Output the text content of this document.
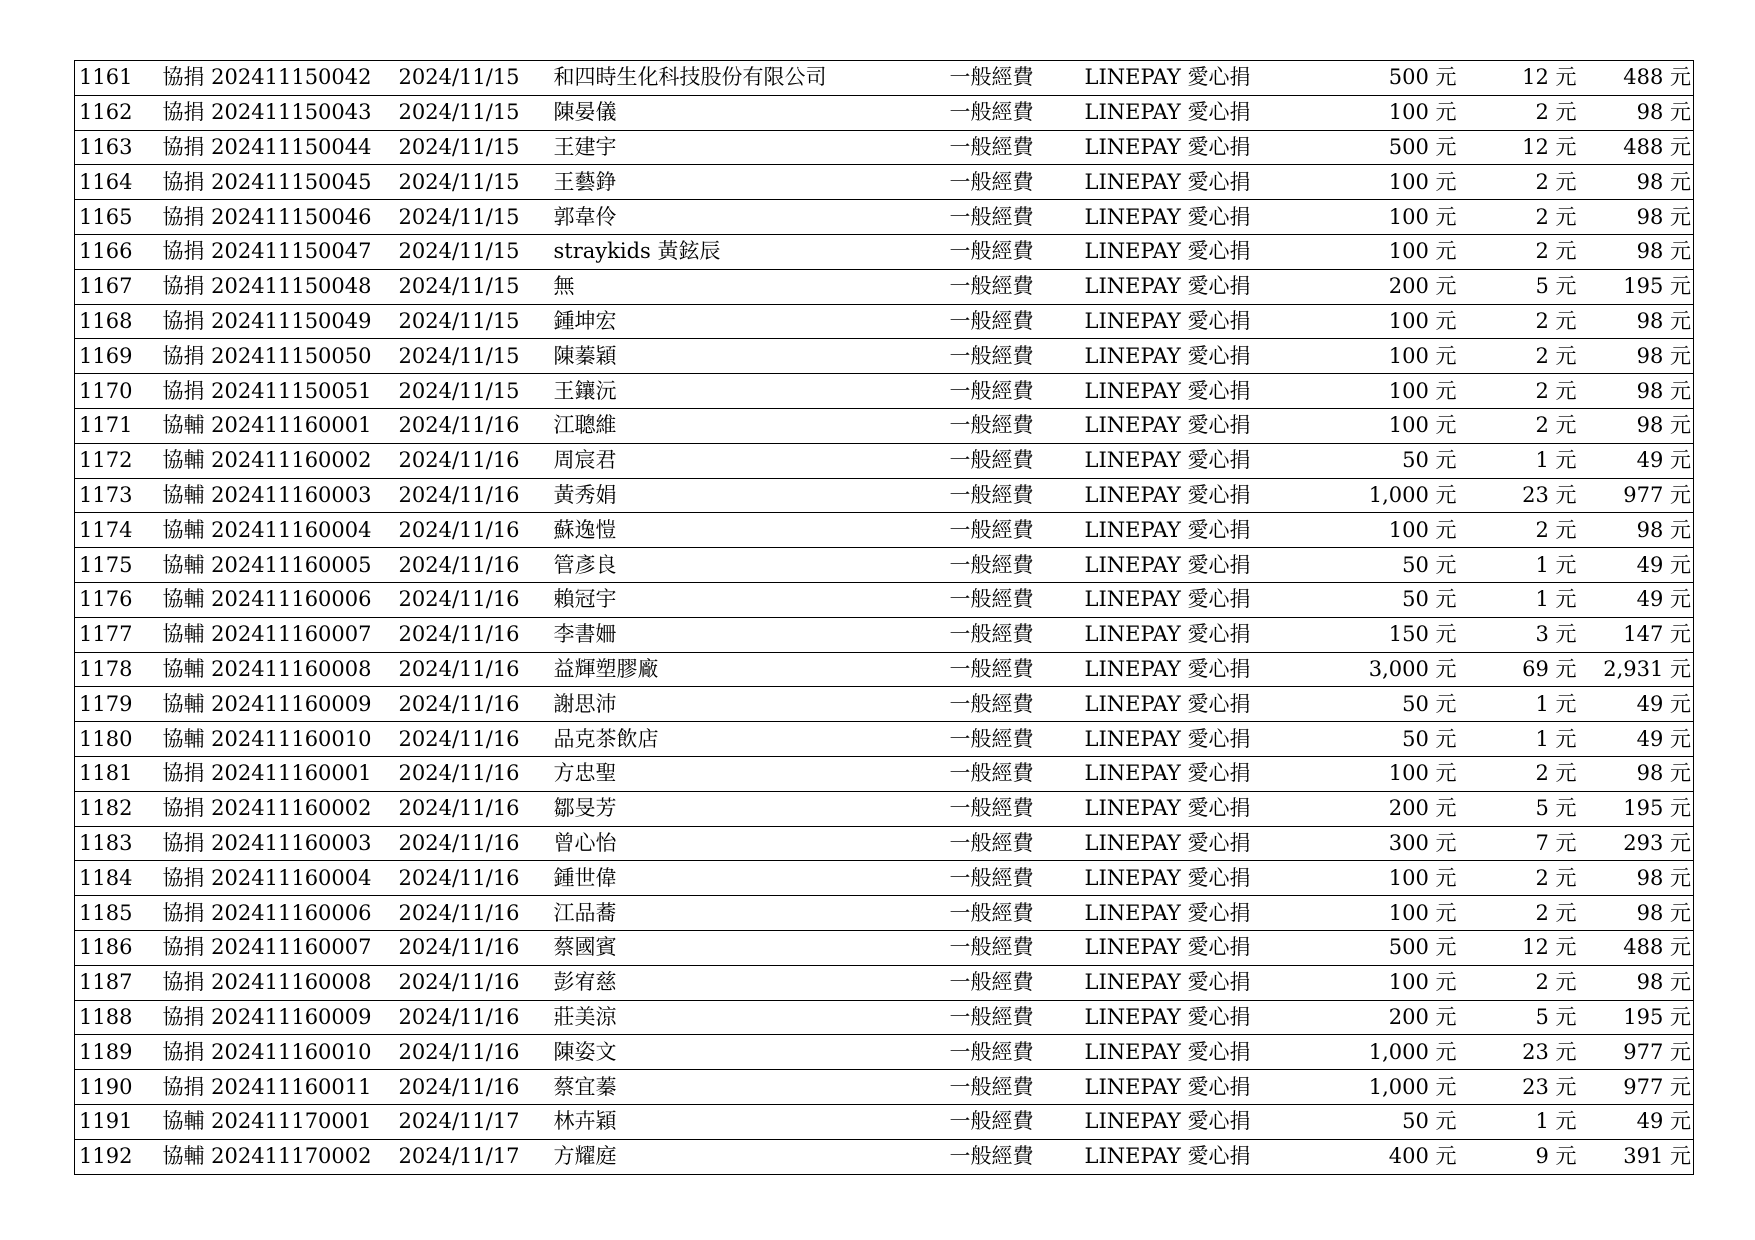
1161	協捐 202411150042	2024/11/15	和四時生化科技股份有限公司	一般經費	LINEPAY 愛心捐	500 元	12 元	488 元
1162	協捐 202411150043	2024/11/15	陳晏儀	一般經費	LINEPAY 愛心捐	100 元	2 元	98 元
1163	協捐 202411150044	2024/11/15	王建宇	一般經費	LINEPAY 愛心捐	500 元	12 元	488 元
1164	協捐 202411150045	2024/11/15	王藝錚	一般經費	LINEPAY 愛心捐	100 元	2 元	98 元
1165	協捐 202411150046	2024/11/15	郭韋伶	一般經費	LINEPAY 愛心捐	100 元	2 元	98 元
1166	協捐 202411150047	2024/11/15	straykids 黃鉉辰	一般經費	LINEPAY 愛心捐	100 元	2 元	98 元
1167	協捐 202411150048	2024/11/15	無	一般經費	LINEPAY 愛心捐	200 元	5 元	195 元
1168	協捐 202411150049	2024/11/15	鍾坤宏	一般經費	LINEPAY 愛心捐	100 元	2 元	98 元
1169	協捐 202411150050	2024/11/15	陳蓁穎	一般經費	LINEPAY 愛心捐	100 元	2 元	98 元
1170	協捐 202411150051	2024/11/15	王鑲沅	一般經費	LINEPAY 愛心捐	100 元	2 元	98 元
1171	協輔 202411160001	2024/11/16	江聰維	一般經費	LINEPAY 愛心捐	100 元	2 元	98 元
1172	協輔 202411160002	2024/11/16	周宸君	一般經費	LINEPAY 愛心捐	50 元	1 元	49 元
1173	協輔 202411160003	2024/11/16	黃秀娟	一般經費	LINEPAY 愛心捐	1,000 元	23 元	977 元
1174	協輔 202411160004	2024/11/16	蘇逸愷	一般經費	LINEPAY 愛心捐	100 元	2 元	98 元
1175	協輔 202411160005	2024/11/16	管彥良	一般經費	LINEPAY 愛心捐	50 元	1 元	49 元
1176	協輔 202411160006	2024/11/16	賴冠宇	一般經費	LINEPAY 愛心捐	50 元	1 元	49 元
1177	協輔 202411160007	2024/11/16	李書姍	一般經費	LINEPAY 愛心捐	150 元	3 元	147 元
1178	協輔 202411160008	2024/11/16	益輝塑膠廠	一般經費	LINEPAY 愛心捐	3,000 元	69 元	2,931 元
1179	協輔 202411160009	2024/11/16	謝思沛	一般經費	LINEPAY 愛心捐	50 元	1 元	49 元
1180	協輔 202411160010	2024/11/16	品克茶飲店	一般經費	LINEPAY 愛心捐	50 元	1 元	49 元
1181	協捐 202411160001	2024/11/16	方忠聖	一般經費	LINEPAY 愛心捐	100 元	2 元	98 元
1182	協捐 202411160002	2024/11/16	鄒旻芳	一般經費	LINEPAY 愛心捐	200 元	5 元	195 元
1183	協捐 202411160003	2024/11/16	曾心怡	一般經費	LINEPAY 愛心捐	300 元	7 元	293 元
1184	協捐 202411160004	2024/11/16	鍾世偉	一般經費	LINEPAY 愛心捐	100 元	2 元	98 元
1185	協捐 202411160006	2024/11/16	江品蕎	一般經費	LINEPAY 愛心捐	100 元	2 元	98 元
1186	協捐 202411160007	2024/11/16	蔡國賓	一般經費	LINEPAY 愛心捐	500 元	12 元	488 元
1187	協捐 202411160008	2024/11/16	彭宥慈	一般經費	LINEPAY 愛心捐	100 元	2 元	98 元
1188	協捐 202411160009	2024/11/16	莊美涼	一般經費	LINEPAY 愛心捐	200 元	5 元	195 元
1189	協捐 202411160010	2024/11/16	陳姿文	一般經費	LINEPAY 愛心捐	1,000 元	23 元	977 元
1190	協捐 202411160011	2024/11/16	蔡宜蓁	一般經費	LINEPAY 愛心捐	1,000 元	23 元	977 元
1191	協輔 202411170001	2024/11/17	林卉穎	一般經費	LINEPAY 愛心捐	50 元	1 元	49 元
1192	協輔 202411170002	2024/11/17	方耀庭	一般經費	LINEPAY 愛心捐	400 元	9 元	391 元
